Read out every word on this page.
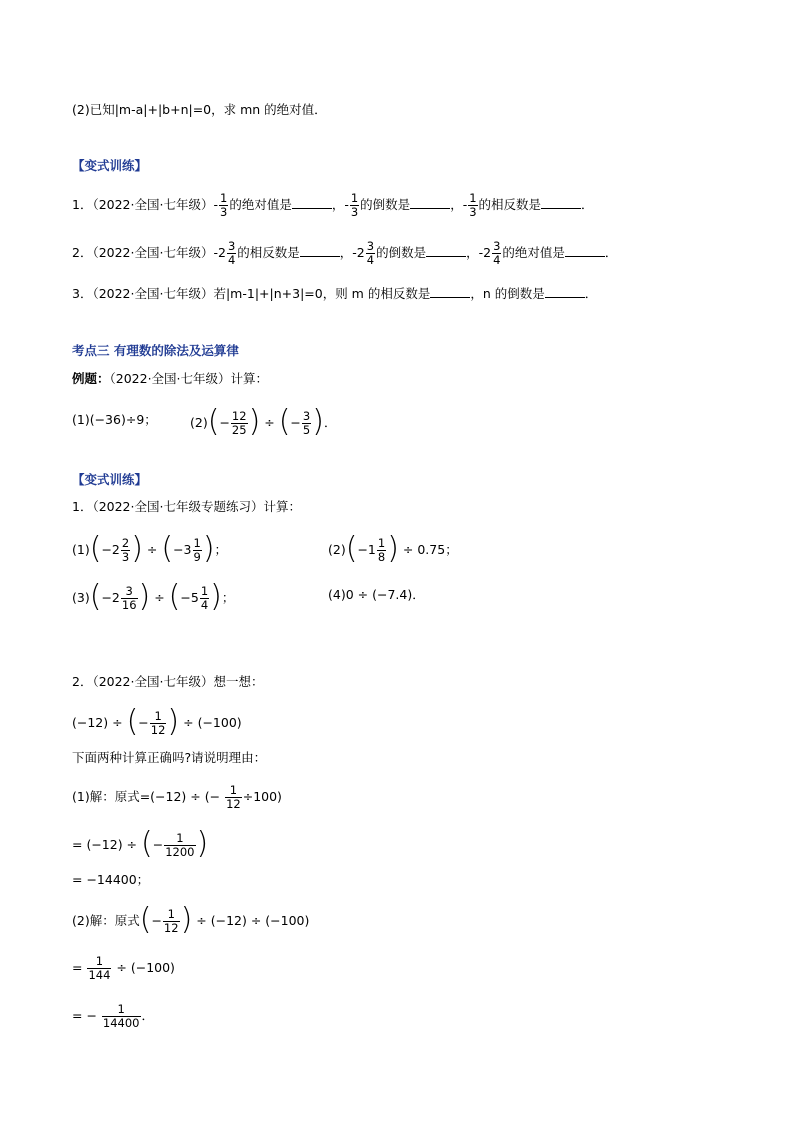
(2)已知|m-a|+|b+n|=0，求 mn 的绝对值．
【变式训练】
1．（2022·全国·七年级）- $\frac{1}{3}$ 的绝对值是	，- $\frac{1}{3}$ 的倒数是	，- $\frac{1}{3}$ 的相反数是	．
2．（2022·全国·七年级）$-2 \frac{3}{4}$ 的相反数是	，$-2 \frac{3}{4}$ 的倒数是	，$-2 \frac{3}{4}$ 的绝对值是	．
3．（2022·全国·七年级）若|m-1|+|n+3|=0，则 m 的相反数是	，n 的倒数是	．
考点三 有理数的除法及运算律
例题：（2022·全国·七年级）计算：
(1)(−36)÷9；	$(2)(- \frac{12}{25}$ ) ÷ (− $\frac{3}{5}$ )．
【变式训练】
1．（2022·全国·七年级专题练习）计算：
$(1)(-2 \frac{2}{3}$ ) ÷ ($-3 \frac{1}{9}$ )；	$(2)(-1 \frac{1}{8}$ ) ÷ 0.75；
$(3)(-2 \frac{3}{16}$ ) ÷ ($-5 \frac{1}{4}$ )；	(4)0 ÷ (−7.4)．
2．（2022·全国·七年级）想一想：
(−12) ÷ (− $\frac{1}{12}$ ) ÷ (−100)
下面两种计算正确吗?请说明理由：
(1)解：原式=(−12) ÷ (− $\frac{1}{12} \div 100$)
= (−12) ÷ (− $\frac{1}{1200}$ )
= −14400；
(2)解：原式(− $\frac{1}{12}$ ) ÷ (−12) ÷ (−100)
= $\frac{1}{144} \div (-100)$
= − $\frac{1}{14400}$ ．
